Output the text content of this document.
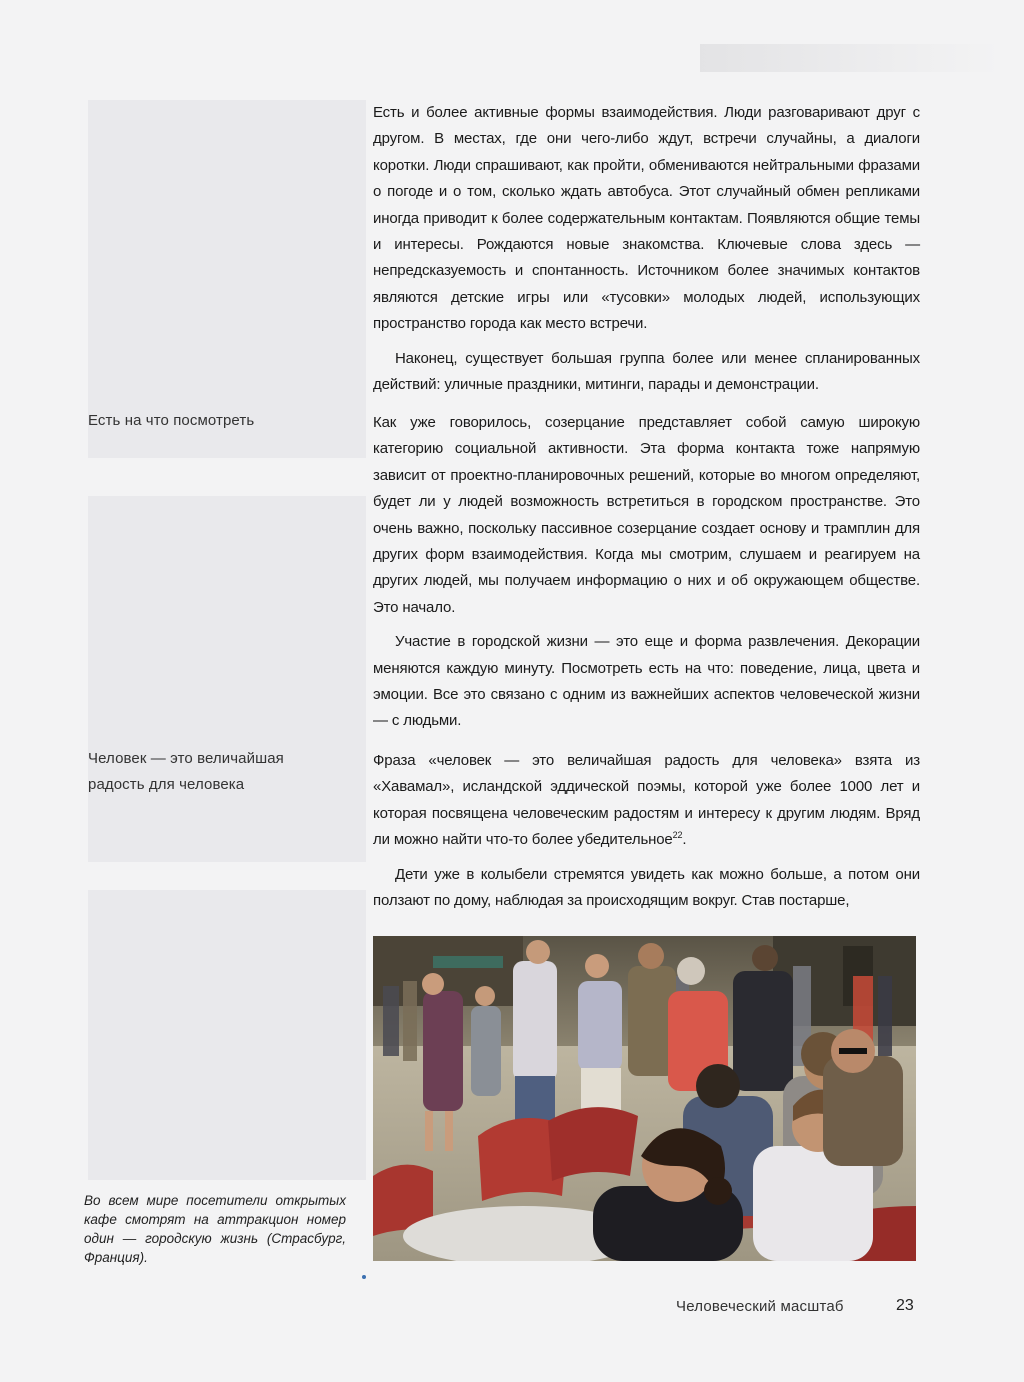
Есть и более активные формы взаимодействия. Люди разговаривают друг с другом. В местах, где они чего-либо ждут, встречи случайны, а диалоги коротки. Люди спрашивают, как пройти, обмениваются нейтральными фразами о погоде и о том, сколько ждать автобуса. Этот случайный обмен репликами иногда приводит к более содержательным контактам. Появляются общие темы и интересы. Рождаются новые знакомства. Ключевые слова здесь — непредсказуемость и спонтанность. Источником более значимых контактов являются детские игры или «тусовки» молодых людей, использующих пространство города как место встречи.

Наконец, существует большая группа более или менее спланированных действий: уличные праздники, митинги, парады и демонстрации.

Есть на что посмотреть	Как уже говорилось, созерцание представляет собой самую широкую категорию социальной активности. Эта форма контакта тоже напрямую зависит от проектно-планировочных решений, которые во многом определяют, будет ли у людей возможность встретиться в городском пространстве. Это очень важно, поскольку пассивное созерцание создает основу и трамплин для других форм взаимодействия. Когда мы смотрим, слушаем и реагируем на других людей, мы получаем информацию о них и об окружающем обществе. Это начало.

Участие в городской жизни — это еще и форма развлечения. Декорации меняются каждую минуту. Посмотреть есть на что: поведение, лица, цвета и эмоции. Все это связано с одним из важнейших аспектов человеческой жизни — с людьми.

Человек — это величайшая радость для человека

Фраза «человек — это величайшая радость для человека» взята из «Хавамал», исландской эддической поэмы, которой уже более 1000 лет и которая посвящена человеческим радостям и интересу к другим людям. Вряд ли можно найти что-то более убедительное$^{22}$.

Дети уже в колыбели стремятся увидеть как можно больше, а потом они ползают по дому, наблюдая за происходящим вокруг. Став постарше,

Во всем мире посетители открытых кафе смотрят на аттракцион номер один — городскую жизнь (Страсбург, Франция).
Человеческий масштаб	23
